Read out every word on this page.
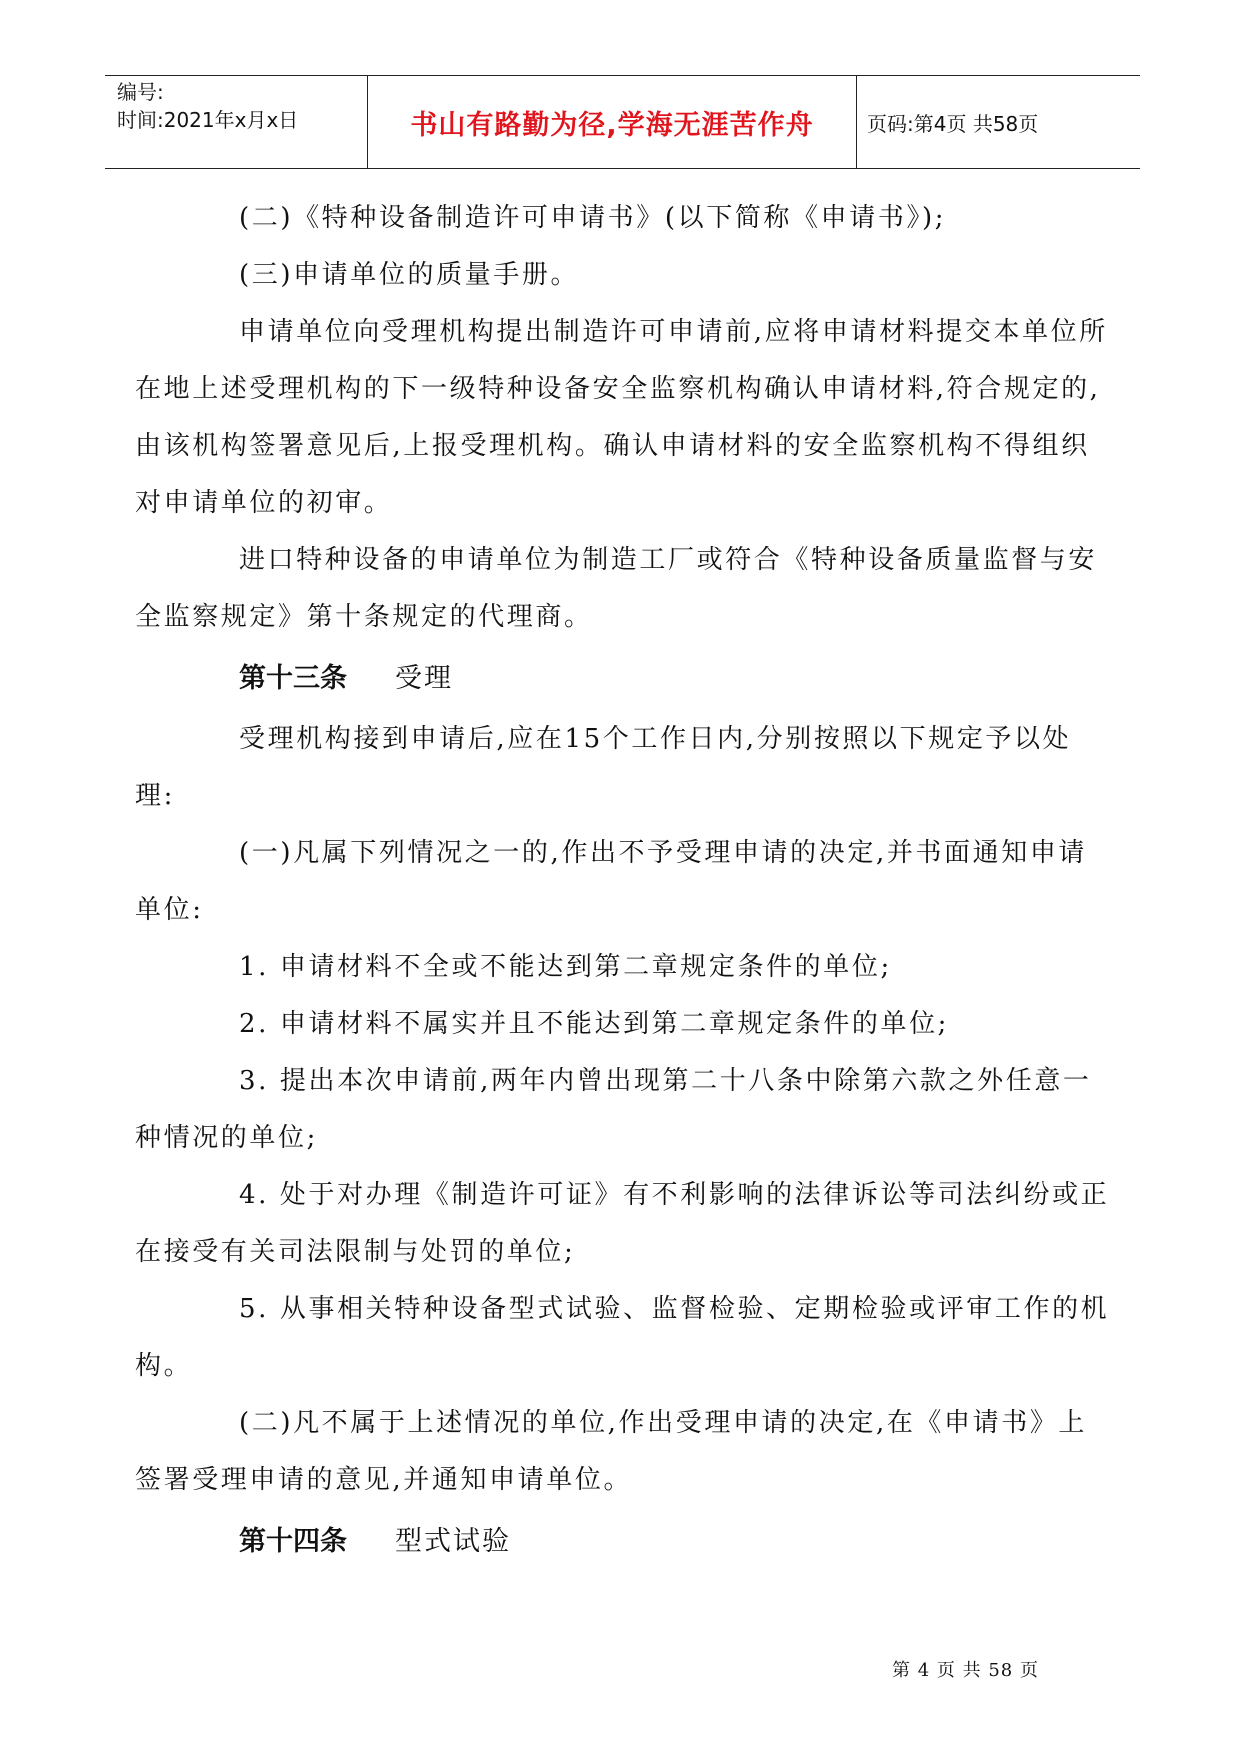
编号:
时间:2021年x月x日	书山有路勤为径,学海无涯苦作舟	页码:第4页 共58页

(二)《特种设备制造许可申请书》(以下简称《申请书》);

(三)申请单位的质量手册。

申请单位向受理机构提出制造许可申请前,应将申请材料提交本单位所在地上述受理机构的下一级特种设备安全监察机构确认申请材料,符合规定的,由该机构签署意见后,上报受理机构。确认申请材料的安全监察机构不得组织对申请单位的初审。

进口特种设备的申请单位为制造工厂或符合《特种设备质量监督与安全监察规定》第十条规定的代理商。

第十三条 受理

受理机构接到申请后,应在15个工作日内,分别按照以下规定予以处理:

(一)凡属下列情况之一的,作出不予受理申请的决定,并书面通知申请单位:

1. 申请材料不全或不能达到第二章规定条件的单位;

2. 申请材料不属实并且不能达到第二章规定条件的单位;

3. 提出本次申请前,两年内曾出现第二十八条中除第六款之外任意一种情况的单位;

4. 处于对办理《制造许可证》有不利影响的法律诉讼等司法纠纷或正在接受有关司法限制与处罚的单位;

5. 从事相关特种设备型式试验、监督检验、定期检验或评审工作的机构。

(二)凡不属于上述情况的单位,作出受理申请的决定,在《申请书》上签署受理申请的意见,并通知申请单位。

第十四条 型式试验
第 4 页 共 58 页
